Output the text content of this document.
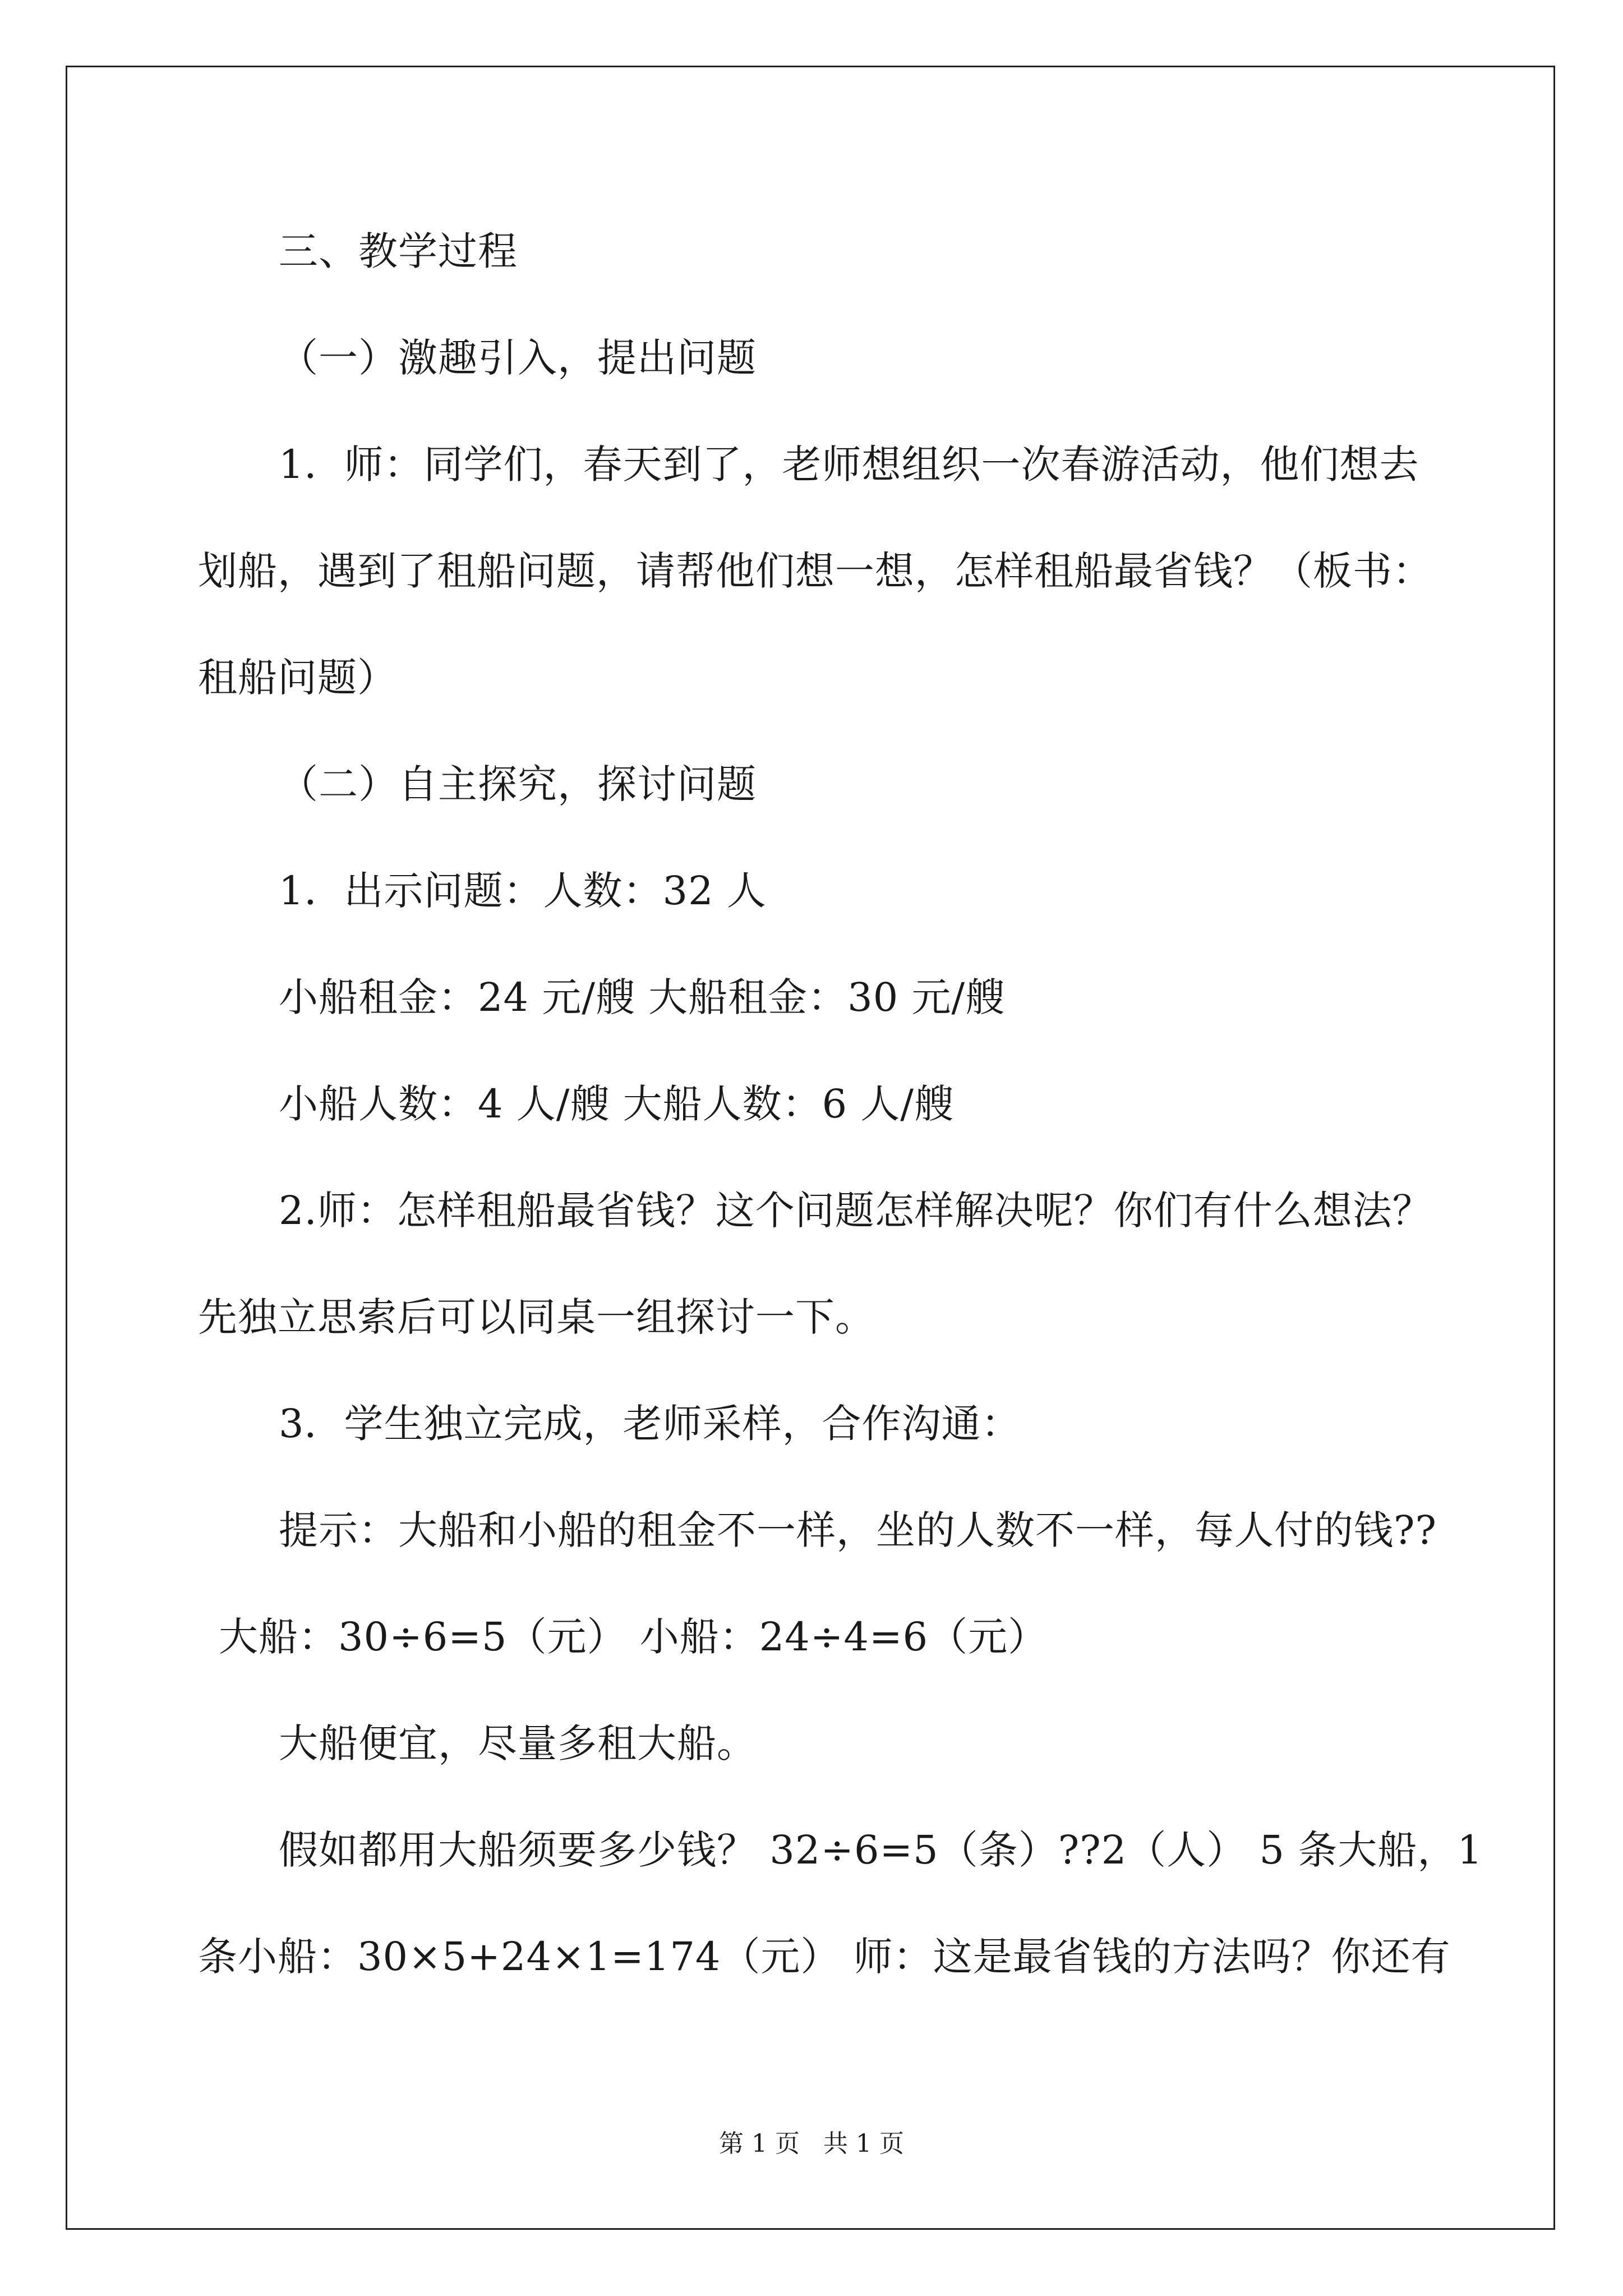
三、教学过程
（一）激趣引入，提出问题
1．师：同学们，春天到了，老师想组织一次春游活动，他们想去
划船，遇到了租船问题，请帮他们想一想，怎样租船最省钱？（板书：
租船问题）
（二）自主探究，探讨问题
1．出示问题：人数：32 人
小船租金：24 元/艘 大船租金：30 元/艘
小船人数：4 人/艘 大船人数：6 人/艘
2.师：怎样租船最省钱？这个问题怎样解决呢？你们有什么想法？
先独立思索后可以同桌一组探讨一下。
3．学生独立完成，老师采样，合作沟通：
提示：大船和小船的租金不一样，坐的人数不一样，每人付的钱??
大船：30÷6=5（元） 小船：24÷4=6（元）
大船便宜，尽量多租大船。
假如都用大船须要多少钱？ 32÷6=5（条）??2（人） 5 条大船，1
条小船：30×5+24×1=174（元） 师：这是最省钱的方法吗？你还有
第 1 页   共 1 页
